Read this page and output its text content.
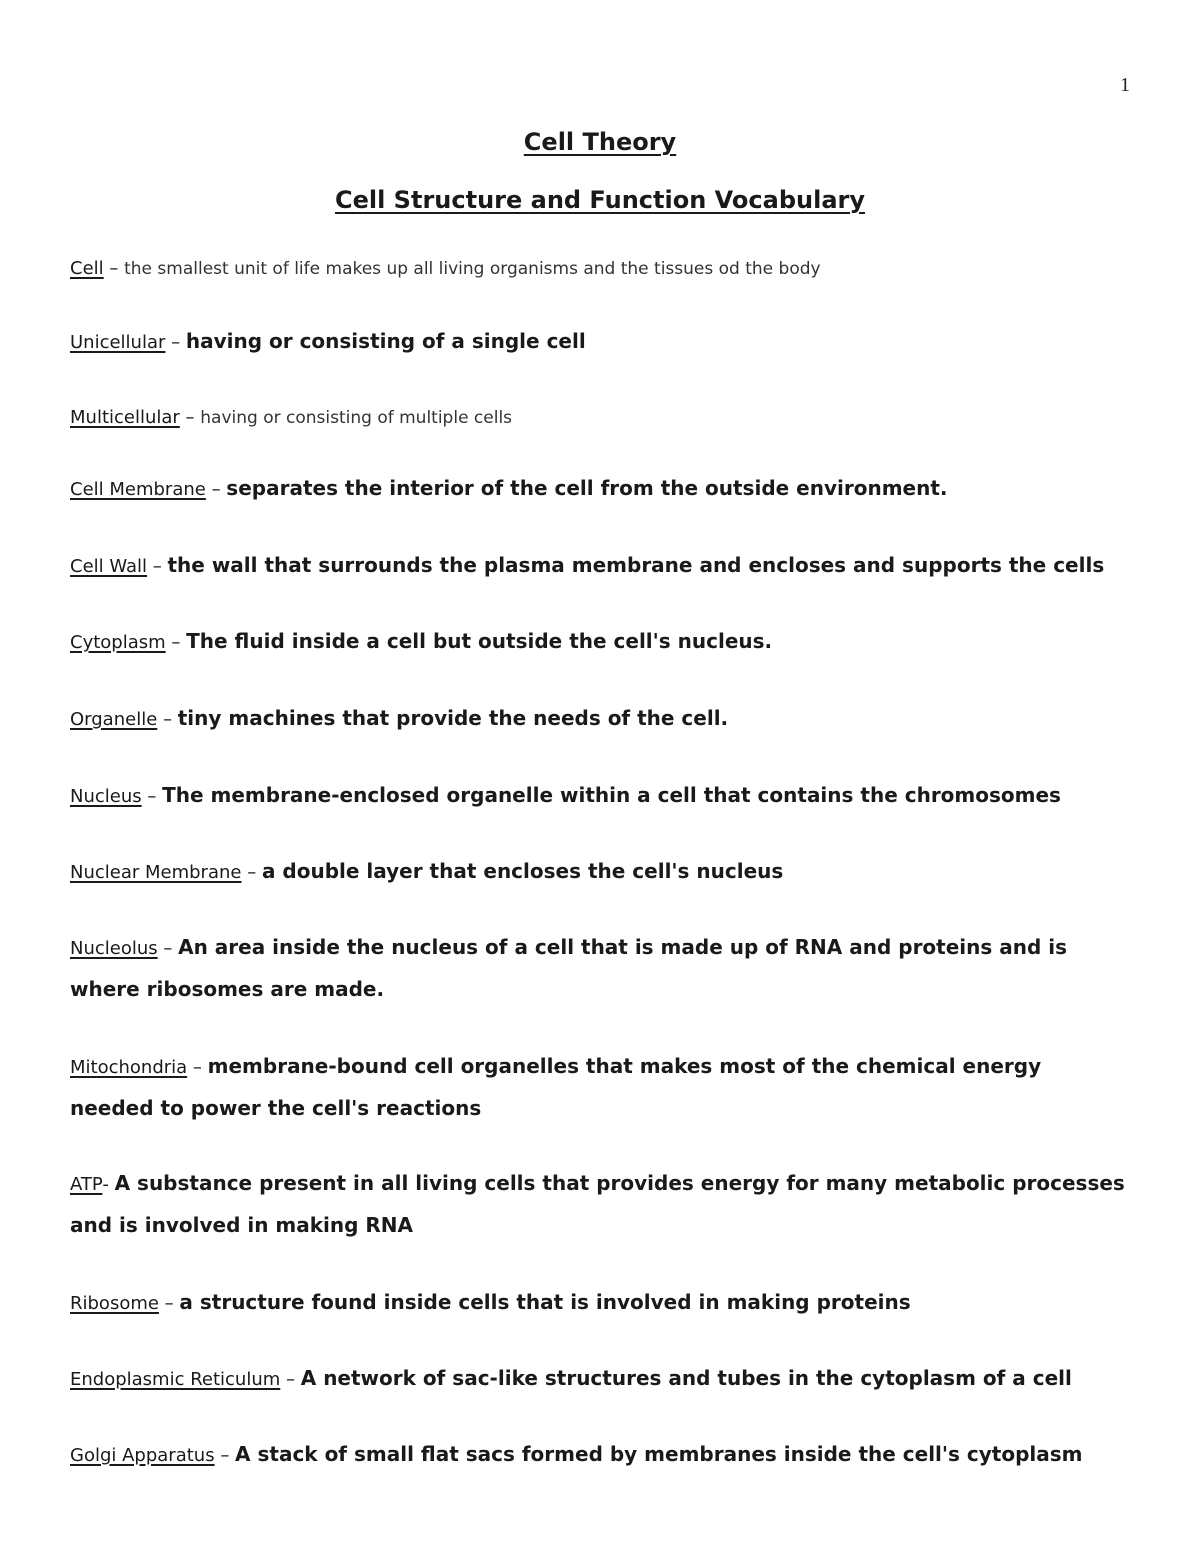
1
Cell Theory
Cell Structure and Function Vocabulary
Cell – the smallest unit of life makes up all living organisms and the tissues od the body
Unicellular – having or consisting of a single cell
Multicellular – having or consisting of multiple cells
Cell Membrane – separates the interior of the cell from the outside environment.
Cell Wall – the wall that surrounds the plasma membrane and encloses and supports the cells
Cytoplasm – The fluid inside a cell but outside the cell's nucleus.
Organelle – tiny machines that provide the needs of the cell.
Nucleus – The membrane-enclosed organelle within a cell that contains the chromosomes
Nuclear Membrane – a double layer that encloses the cell's nucleus
Nucleolus – An area inside the nucleus of a cell that is made up of RNA and proteins and is where ribosomes are made.
Mitochondria – membrane-bound cell organelles that makes most of the chemical energy needed to power the cell's reactions
ATP- A substance present in all living cells that provides energy for many metabolic processes and is involved in making RNA
Ribosome – a structure found inside cells that is involved in making proteins
Endoplasmic Reticulum – A network of sac-like structures and tubes in the cytoplasm of a cell
Golgi Apparatus – A stack of small flat sacs formed by membranes inside the cell's cytoplasm
